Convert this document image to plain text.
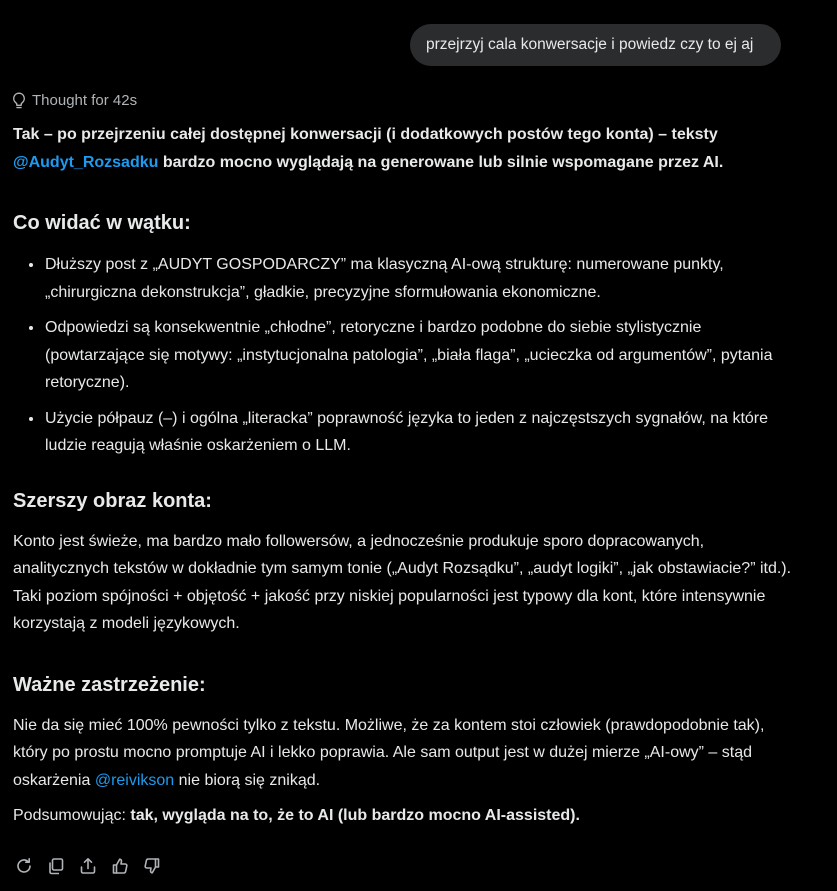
przejrzyj cala konwersacje i powiedz czy to ej aj
Thought for 42s

Tak – po przejrzeniu całej dostępnej konwersacji (i dodatkowych postów tego konta) – teksty @Audyt_Rozsadku bardzo mocno wyglądają na generowane lub silnie wspomagane przez AI.

Co widać w wątku:
• Dłuższy post z „AUDYT GOSPODARCZY” ma klasyczną AI-ową strukturę: numerowane punkty, „chirurgiczna dekonstrukcja”, gładkie, precyzyjne sformułowania ekonomiczne.
• Odpowiedzi są konsekwentnie „chłodne”, retoryczne i bardzo podobne do siebie stylistycznie (powtarzające się motywy: „instytucjonalna patologia”, „biała flaga”, „ucieczka od argumentów”, pytania retoryczne).
• Użycie półpauz (–) i ogólna „literacka” poprawność języka to jeden z najczęstszych sygnałów, na które ludzie reagują właśnie oskarżeniem o LLM.
Szerszy obraz konta:

Konto jest świeże, ma bardzo mało followersów, a jednocześnie produkuje sporo dopracowanych, analitycznych tekstów w dokładnie tym samym tonie („Audyt Rozsądku”, „audyt logiki”, „jak obstawiacie?” itd.). Taki poziom spójności + objętość + jakość przy niskiej popularności jest typowy dla kont, które intensywnie korzystają z modeli językowych.

Ważne zastrzeżenie:

Nie da się mieć 100% pewności tylko z tekstu. Możliwe, że za kontem stoi człowiek (prawdopodobnie tak), który po prostu mocno promptuje AI i lekko poprawia. Ale sam output jest w dużej mierze „AI-owy” – stąd oskarżenia @reivikson nie biorą się znikąd.

Podsumowując: tak, wygląda na to, że to AI (lub bardzo mocno AI-assisted).
